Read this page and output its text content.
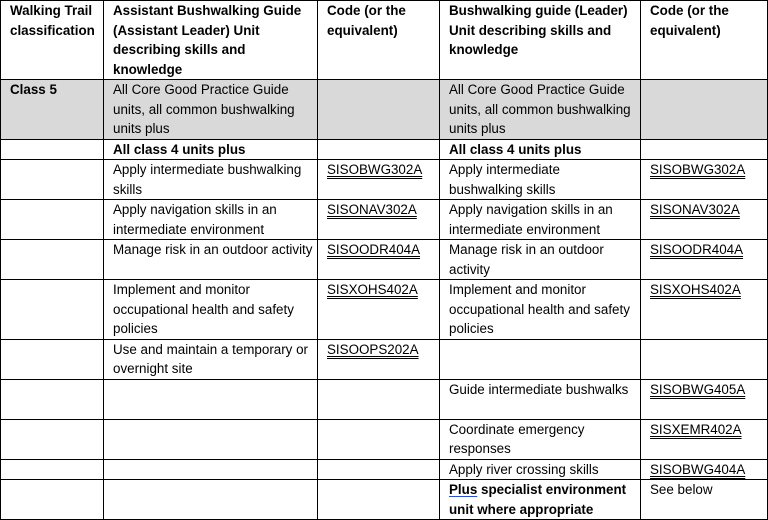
Walking Trail classification	Assistant Bushwalking Guide (Assistant Leader) Unit describing skills and knowledge	Code (or the equivalent)	Bushwalking guide (Leader) Unit describing skills and knowledge	Code (or the equivalent)
Class 5	All Core Good Practice Guide units, all common bushwalking units plus		All Core Good Practice Guide units, all common bushwalking units plus	
	All class 4 units plus		All class 4 units plus	
	Apply intermediate bushwalking skills	SISOBWG302A	Apply intermediate bushwalking skills	SISOBWG302A
	Apply navigation skills in an intermediate environment	SISONAV302A	Apply navigation skills in an intermediate environment	SISONAV302A
	Manage risk in an outdoor activity	SISOODR404A	Manage risk in an outdoor activity	SISOODR404A
	Implement and monitor occupational health and safety policies	SISXOHS402A	Implement and monitor occupational health and safety policies	SISXOHS402A
	Use and maintain a temporary or overnight site	SISOOPS202A		
			Guide intermediate bushwalks	SISOBWG405A
			Coordinate emergency responses	SISXEMR402A
			Apply river crossing skills	SISOBWG404A
			Plus specialist environment unit where appropriate	See below
